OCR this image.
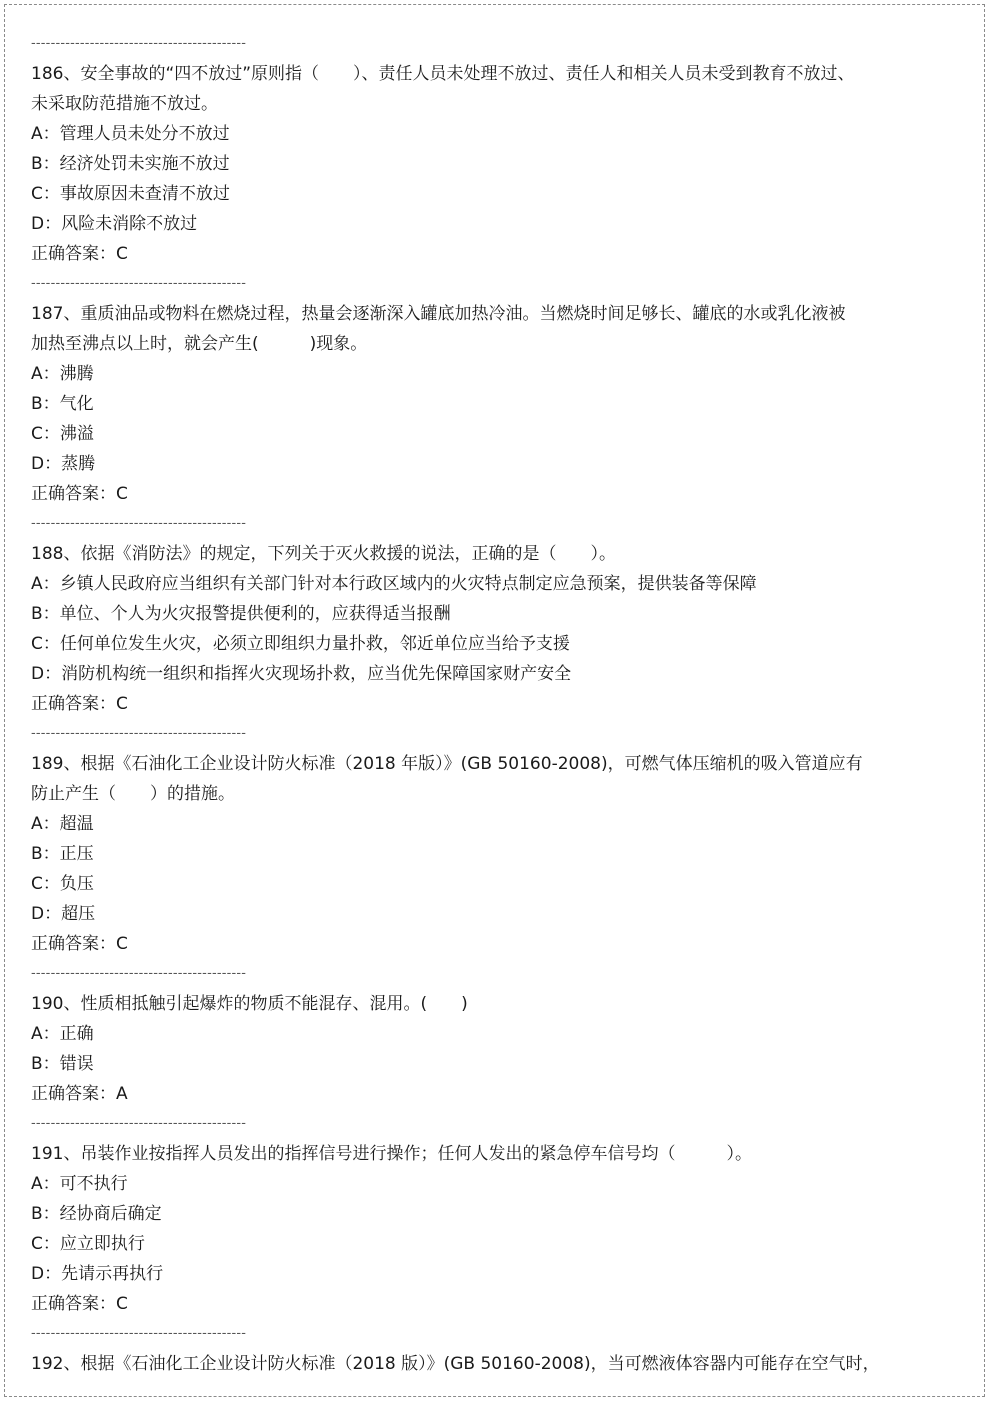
--------------------------------------------
186、安全事故的“四不放过”原则指（　　）、责任人员未处理不放过、责任人和相关人员未受到教育不放过、
未采取防范措施不放过。
A：管理人员未处分不放过
B：经济处罚未实施不放过
C：事故原因未查清不放过
D：风险未消除不放过
正确答案：C
--------------------------------------------
187、重质油品或物料在燃烧过程，热量会逐渐深入罐底加热冷油。当燃烧时间足够长、罐底的水或乳化液被
加热至沸点以上时，就会产生(　　　)现象。
A：沸腾
B：气化
C：沸溢
D：蒸腾
正确答案：C
--------------------------------------------
188、依据《消防法》的规定，下列关于灭火救援的说法，正确的是（　　）。
A：乡镇人民政府应当组织有关部门针对本行政区域内的火灾特点制定应急预案，提供装备等保障
B：单位、个人为火灾报警提供便利的，应获得适当报酬
C：任何单位发生火灾，必须立即组织力量扑救，邻近单位应当给予支援
D：消防机构统一组织和指挥火灾现场扑救，应当优先保障国家财产安全
正确答案：C
--------------------------------------------
189、根据《石油化工企业设计防火标准（2018 年版）》(GB 50160-2008)，可燃气体压缩机的吸入管道应有
防止产生（　　）的措施。
A：超温
B：正压
C：负压
D：超压
正确答案：C
--------------------------------------------
190、性质相抵触引起爆炸的物质不能混存、混用。(　　)
A：正确
B：错误
正确答案：A
--------------------------------------------
191、吊装作业按指挥人员发出的指挥信号进行操作；任何人发出的紧急停车信号均（　　　）。
A：可不执行
B：经协商后确定
C：应立即执行
D：先请示再执行
正确答案：C
--------------------------------------------
192、根据《石油化工企业设计防火标准（2018 版）》(GB 50160-2008)，当可燃液体容器内可能存在空气时，
